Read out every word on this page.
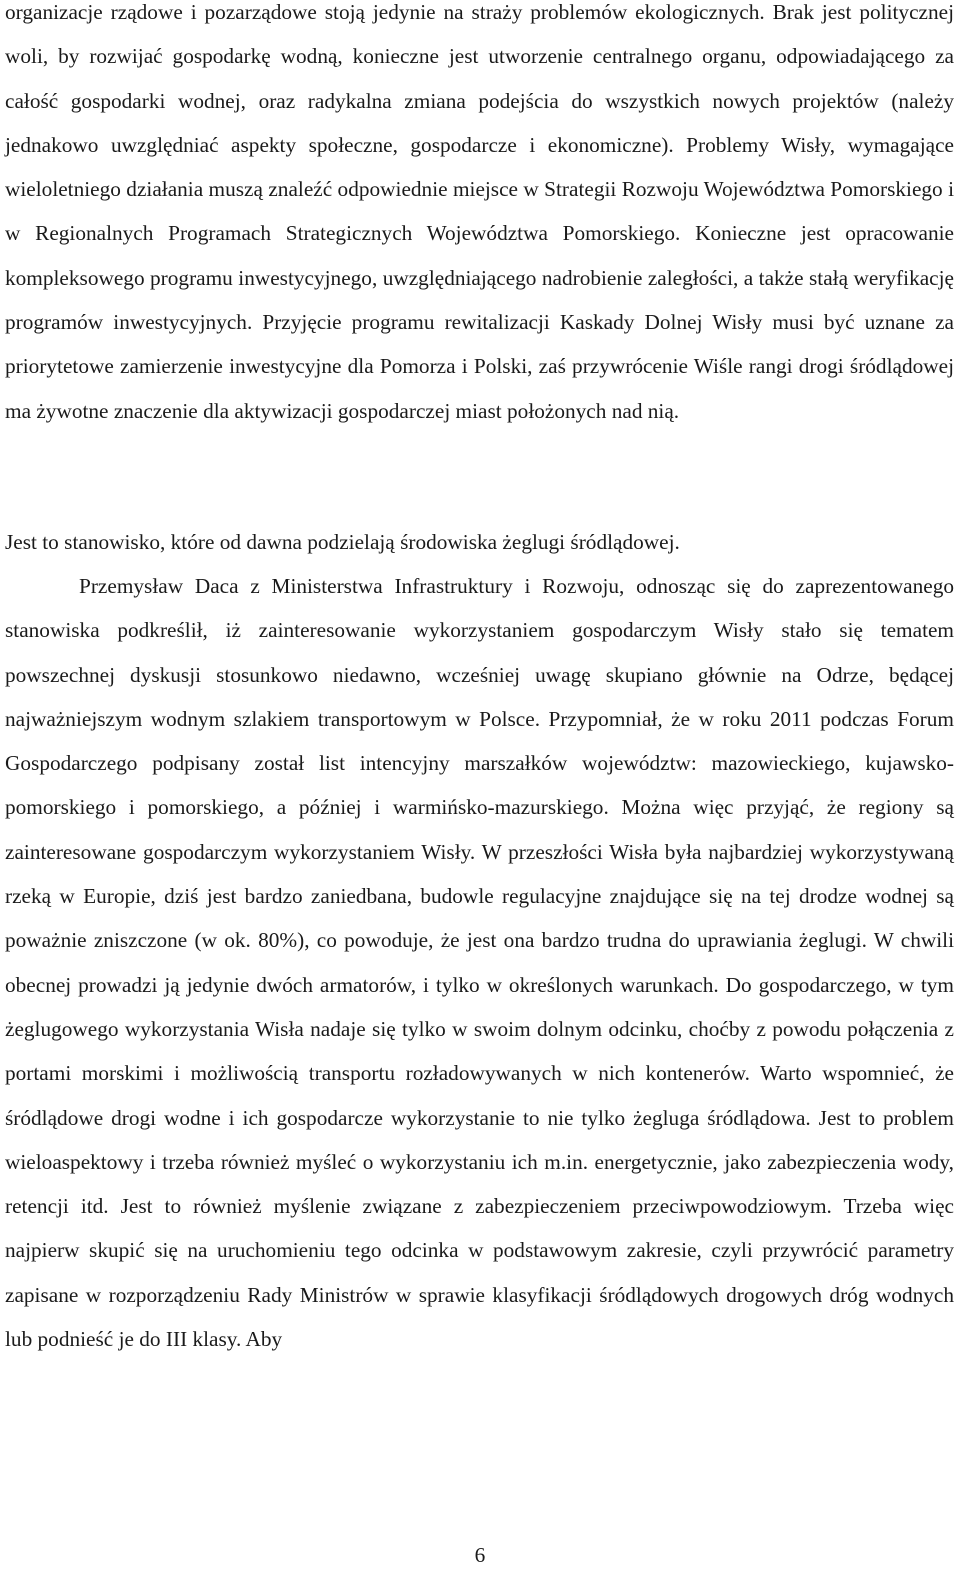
organizacje rządowe i pozarządowe stoją jedynie na straży problemów ekologicznych. Brak jest politycznej woli, by rozwijać gospodarkę wodną, konieczne jest utworzenie centralnego organu, odpowiadającego za całość gospodarki wodnej, oraz radykalna zmiana podejścia do wszystkich nowych projektów (należy jednakowo uwzględniać aspekty społeczne, gospodarcze i ekonomiczne). Problemy Wisły, wymagające wieloletniego działania muszą znaleźć odpowiednie miejsce w Strategii Rozwoju Województwa Pomorskiego i w Regionalnych Programach Strategicznych Województwa Pomorskiego. Konieczne jest opracowanie kompleksowego programu inwestycyjnego, uwzględniającego nadrobienie zaległości, a także stałą weryfikację programów inwestycyjnych. Przyjęcie programu rewitalizacji Kaskady Dolnej Wisły musi być uznane za priorytetowe zamierzenie inwestycyjne dla Pomorza i Polski, zaś przywrócenie Wiśle rangi drogi śródlądowej ma żywotne znaczenie dla aktywizacji gospodarczej miast położonych nad nią.

Jest to stanowisko, które od dawna podzielają środowiska żeglugi śródlądowej.

Przemysław Daca z Ministerstwa Infrastruktury i Rozwoju, odnosząc się do zaprezentowanego stanowiska podkreślił, iż zainteresowanie wykorzystaniem gospodarczym Wisły stało się tematem powszechnej dyskusji stosunkowo niedawno, wcześniej uwagę skupiano głównie na Odrze, będącej najważniejszym wodnym szlakiem transportowym w Polsce. Przypomniał, że w roku 2011 podczas Forum Gospodarczego podpisany został list intencyjny marszałków województw: mazowieckiego, kujawsko-pomorskiego i pomorskiego, a później i warmińsko-mazurskiego. Można więc przyjąć, że regiony są zainteresowane gospodarczym wykorzystaniem Wisły. W przeszłości Wisła była najbardziej wykorzystywaną rzeką w Europie, dziś jest bardzo zaniedbana, budowle regulacyjne znajdujące się na tej drodze wodnej są poważnie zniszczone (w ok. 80%), co powoduje, że jest ona bardzo trudna do uprawiania żeglugi. W chwili obecnej prowadzi ją jedynie dwóch armatorów, i tylko w określonych warunkach. Do gospodarczego, w tym żeglugowego wykorzystania Wisła nadaje się tylko w swoim dolnym odcinku, choćby z powodu połączenia z portami morskimi i możliwością transportu rozładowywanych w nich kontenerów. Warto wspomnieć, że śródlądowe drogi wodne i ich gospodarcze wykorzystanie to nie tylko żegluga śródlądowa. Jest to problem wieloaspektowy i trzeba również myśleć o wykorzystaniu ich m.in. energetycznie, jako zabezpieczenia wody, retencji itd. Jest to również myślenie związane z zabezpieczeniem przeciwpowodziowym. Trzeba więc najpierw skupić się na uruchomieniu tego odcinka w podstawowym zakresie, czyli przywrócić parametry zapisane w rozporządzeniu Rady Ministrów w sprawie klasyfikacji śródlądowych drogowych dróg wodnych lub podnieść je do III klasy. Aby

6
